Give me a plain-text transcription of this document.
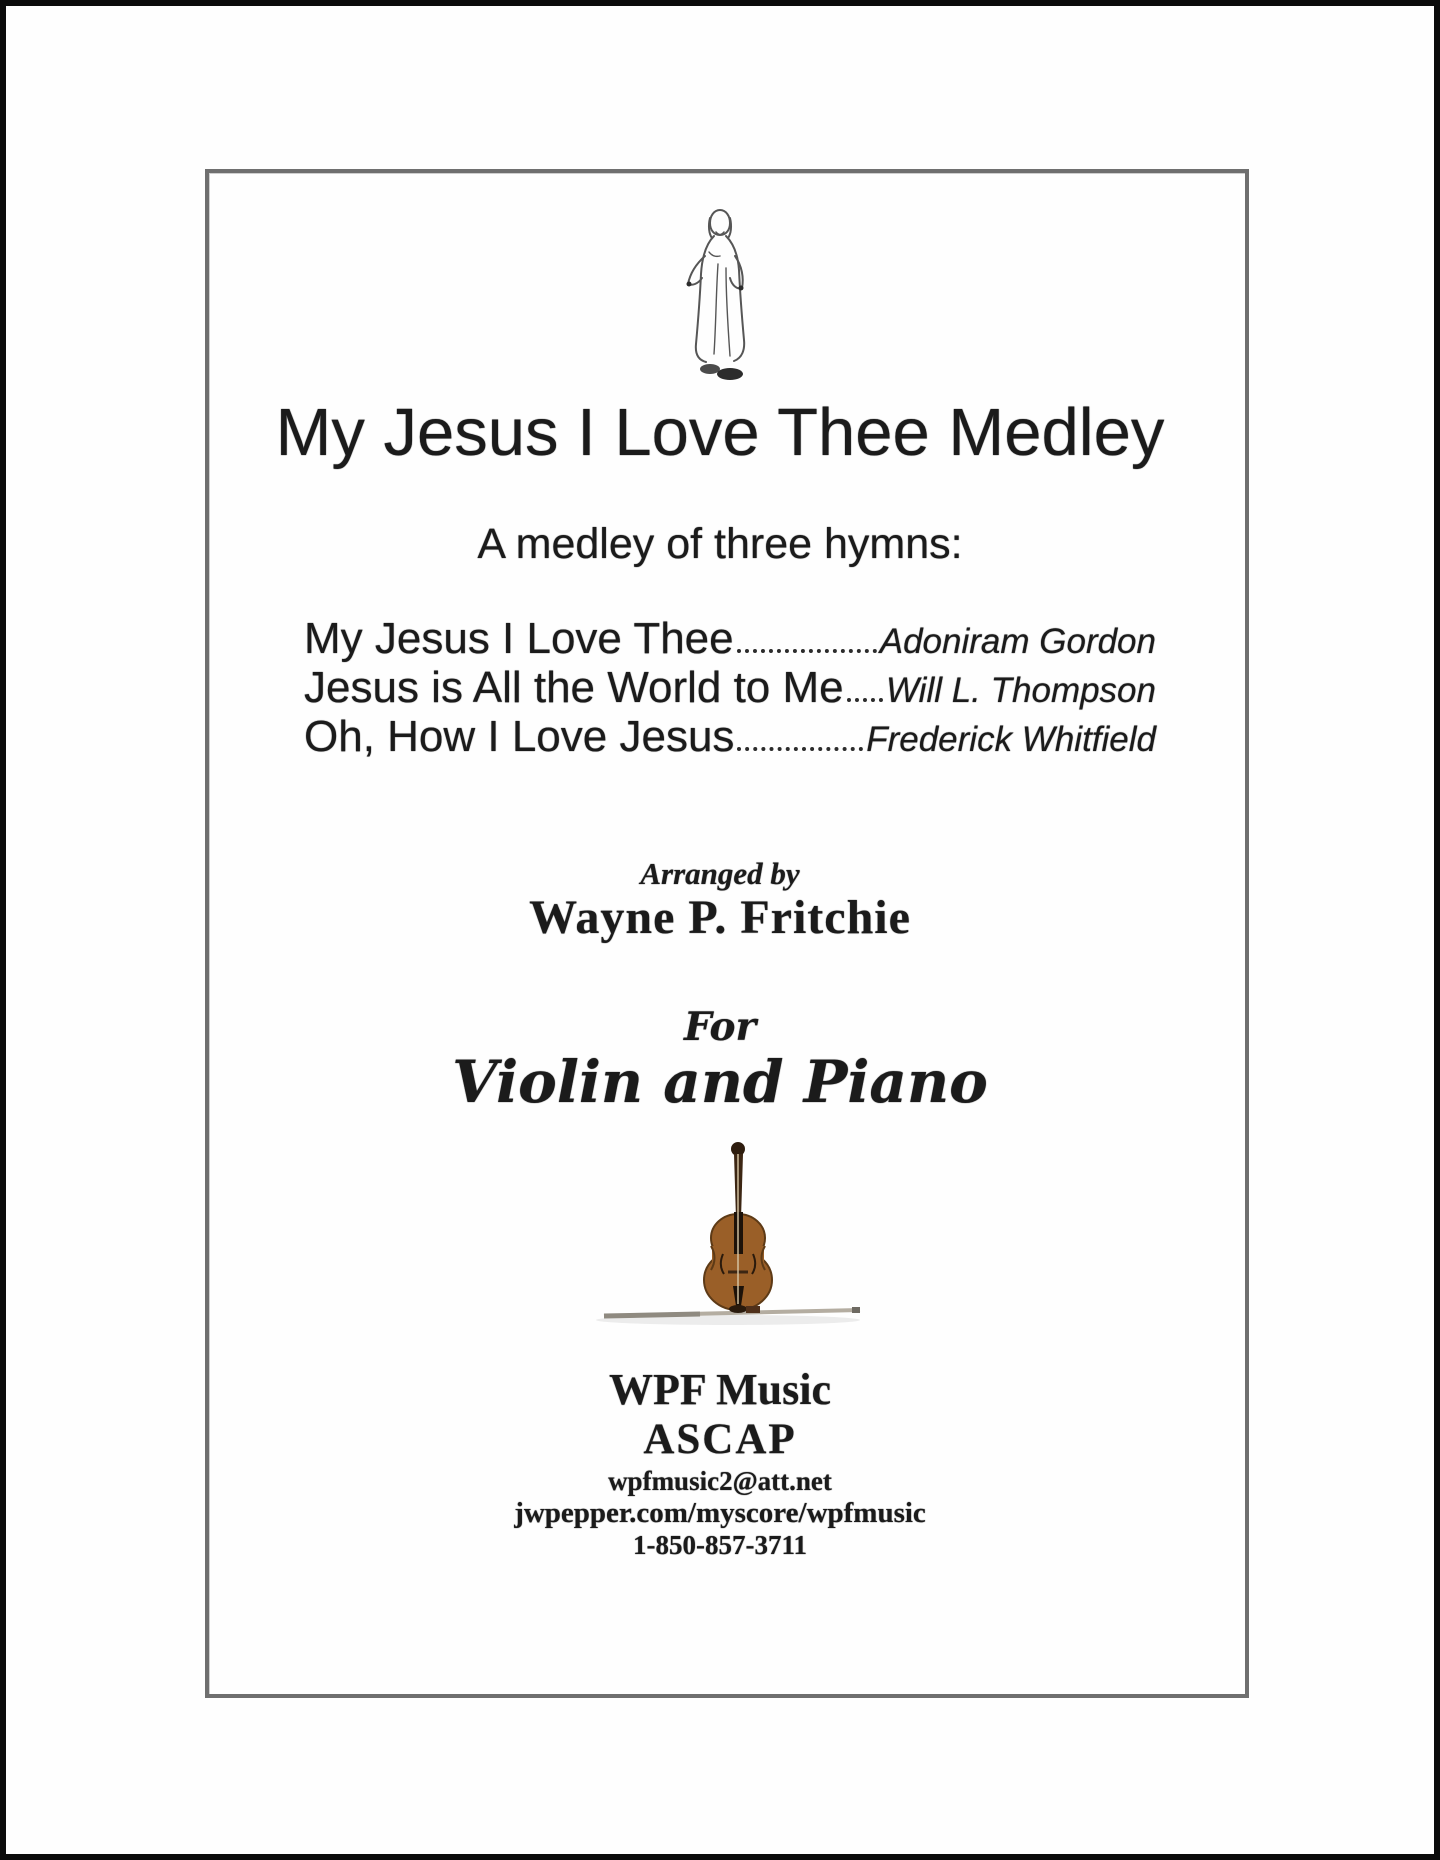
My Jesus I Love Thee Medley
A medley of three hymns:
My Jesus I Love Thee	Adoniram Gordon
Jesus is All the World to Me Will L. Thompson
Oh, How I Love Jesus	Frederick Whitfield
Arranged by
Wayne P. Fritchie
For
Violin and Piano
WPF Music
ASCAP
wpfmusic2@att.net
jwpepper.com/myscore/wpfmusic
1-850-857-3711
